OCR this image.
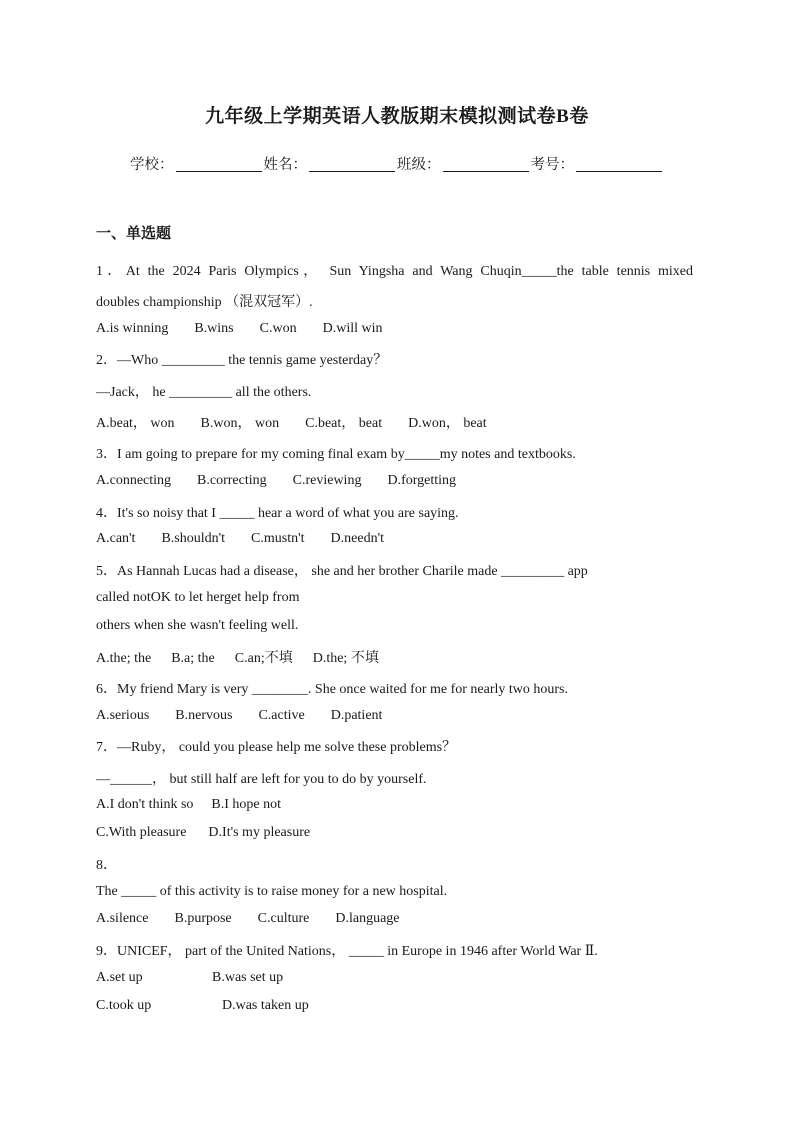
九年级上学期英语人教版期末模拟测试卷B卷
学校：	姓名：	班级：	考号：
一、单选题
1．At the 2024 Paris Olympics， Sun Yingsha and Wang Chuqin_____the table tennis mixed
doubles championship （混双冠军）.
A.is winning B.wins C.won D.will win
2．—Who _________ the tennis game yesterday？
—Jack， he _________ all the others.
A.beat， won B.won， won C.beat， beat D.won， beat
3．I am going to prepare for my coming final exam by_____my notes and textbooks.
A.connecting B.correcting C.reviewing D.forgetting
4．It's so noisy that I _____ hear a word of what you are saying.
A.can't B.shouldn't C.mustn't D.needn't
5．As Hannah Lucas had a disease， she and her brother Charile made _________ app
called notOK to let herget help from
others when she wasn't feeling well.
A.the; the B.a; the C.an;不填 D.the; 不填
6．My friend Mary is very ________. She once waited for me for nearly two hours.
A.serious B.nervous C.active D.patient
7．—Ruby， could you please help me solve these problems？
—______， but still half are left for you to do by yourself.
A.I don't think so B.I hope not
C.With pleasure D.It's my pleasure
8．
The _____ of this activity is to raise money for a new hospital.
A.silence B.purpose C.culture D.language
9．UNICEF， part of the United Nations， _____ in Europe in 1946 after World War Ⅱ.
A.set up	B.was set up
C.took up	D.was taken up
